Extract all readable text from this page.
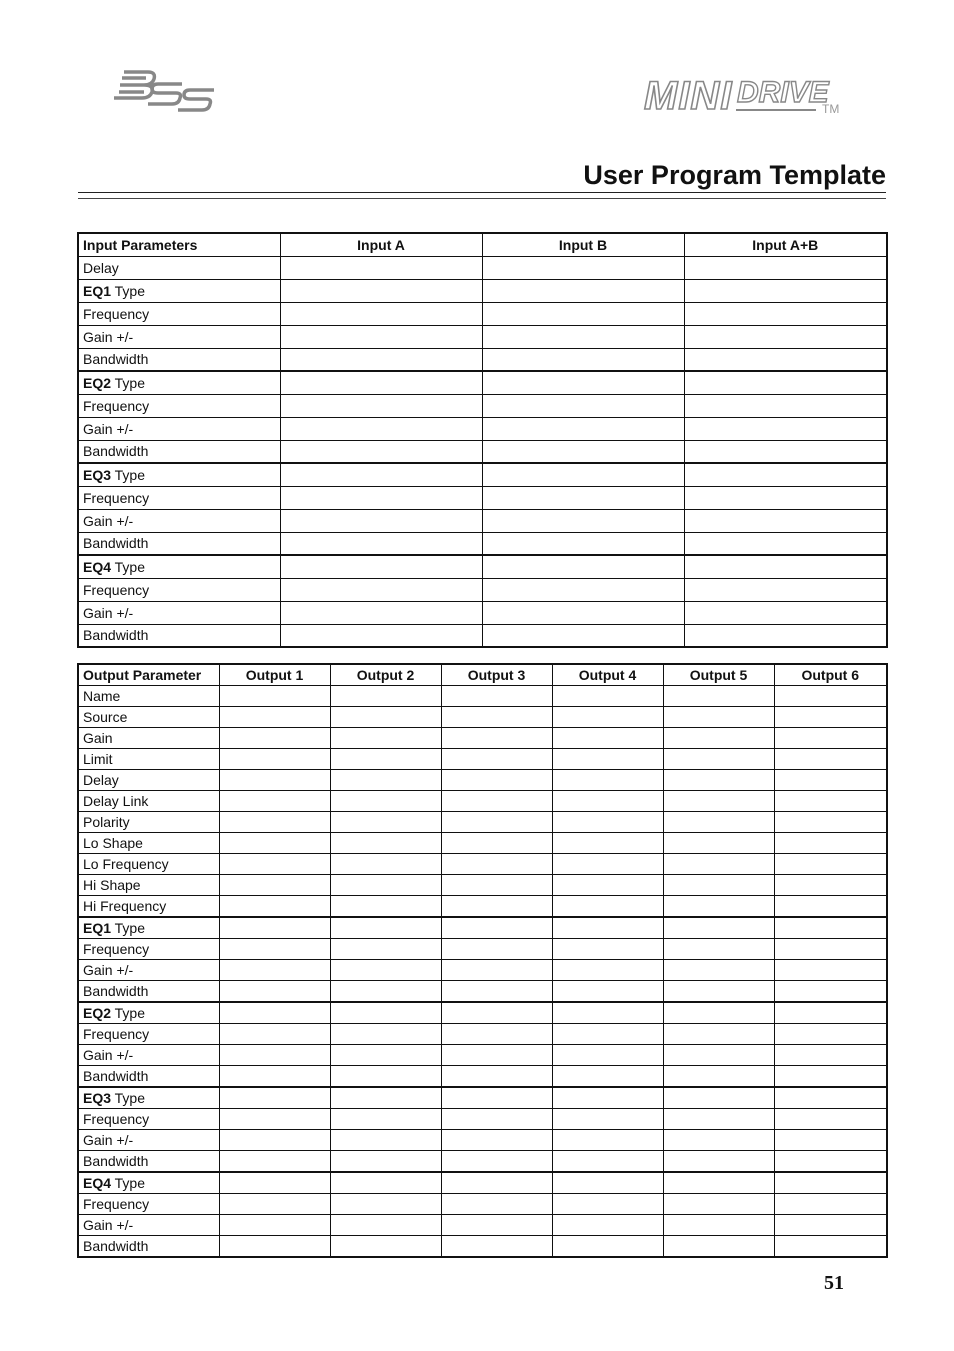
MINI DRIVE
TM
User Program Template
Input Parameters	Input A	Input B	Input A+B
Delay			
EQ1 Type			
Frequency			
Gain +/-			
Bandwidth			
EQ2 Type			
Frequency			
Gain +/-			
Bandwidth			
EQ3 Type			
Frequency			
Gain +/-			
Bandwidth			
EQ4 Type			
Frequency			
Gain +/-			
Bandwidth			
Output Parameter	Output 1	Output 2	Output 3	Output 4	Output 5	Output 6
Name						
Source						
Gain						
Limit						
Delay						
Delay Link						
Polarity						
Lo Shape						
Lo Frequency						
Hi Shape						
Hi Frequency						
EQ1 Type						
Frequency						
Gain +/-						
Bandwidth						
EQ2 Type						
Frequency						
Gain +/-						
Bandwidth						
EQ3 Type						
Frequency						
Gain +/-						
Bandwidth						
EQ4 Type						
Frequency						
Gain +/-						
Bandwidth						
51
